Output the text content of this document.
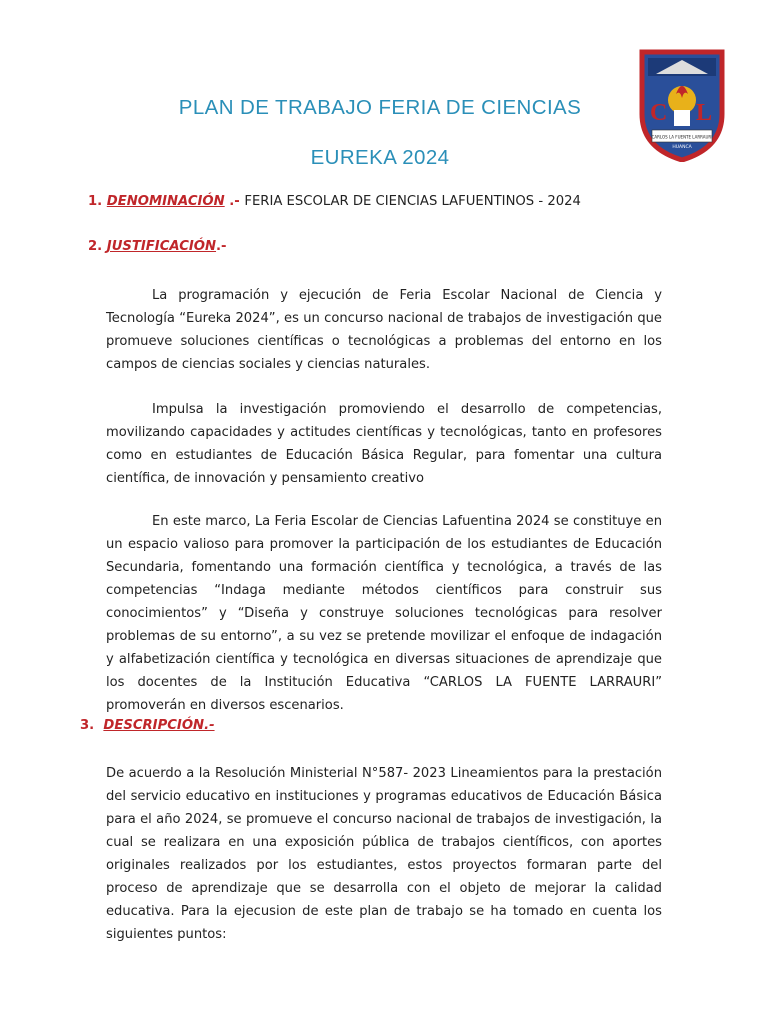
PLAN DE TRABAJO FERIA DE CIENCIAS
EUREKA 2024
C L
CARLOS LA FUENTE LARRAURI
HUANCA
1. DENOMINACIÓN .- FERIA ESCOLAR DE CIENCIAS LAFUENTINOS - 2024
2. JUSTIFICACIÓN.-
La programación y ejecución de Feria Escolar Nacional de Ciencia y Tecnología “Eureka 2024”, es un concurso nacional de trabajos de investigación que promueve soluciones científicas o tecnológicas a problemas del entorno en los campos de ciencias sociales y ciencias naturales.
Impulsa la investigación promoviendo el desarrollo de competencias, movilizando capacidades y actitudes científicas y tecnológicas, tanto en profesores como en estudiantes de Educación Básica Regular, para fomentar una cultura científica, de innovación y pensamiento creativo
En este marco, La Feria Escolar de Ciencias Lafuentina 2024 se constituye en un espacio valioso para promover la participación de los estudiantes de Educación Secundaria, fomentando una formación científica y tecnológica, a través de las competencias “Indaga mediante métodos científicos para construir sus conocimientos” y “Diseña y construye soluciones tecnológicas para resolver problemas de su entorno”, a su vez se pretende movilizar el enfoque de indagación y alfabetización científica y tecnológica en diversas situaciones de aprendizaje que los docentes de la Institución Educativa “CARLOS LA FUENTE LARRAURI” promoverán en diversos escenarios.
3. DESCRIPCIÓN.-
De acuerdo a la Resolución Ministerial N°587- 2023 Lineamientos para la prestación del servicio educativo en instituciones y programas educativos de Educación Básica para el año 2024, se promueve el concurso nacional de trabajos de investigación, la cual se realizara en una exposición pública de trabajos científicos, con aportes originales realizados por los estudiantes, estos proyectos formaran parte del proceso de aprendizaje que se desarrolla con el objeto de mejorar la calidad educativa. Para la ejecusion de este plan de trabajo se ha tomado en cuenta los siguientes puntos:
